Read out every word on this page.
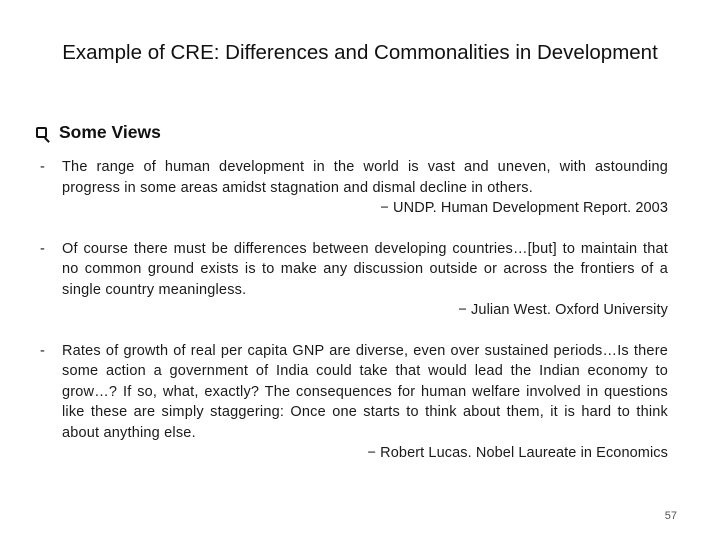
Example of CRE: Differences and Commonalities in Development
Some Views
- The range of human development in the world is vast and uneven, with astounding progress in some areas amidst stagnation and dismal decline in others.
− UNDP. Human Development Report. 2003
- Of course there must be differences between developing countries…[but] to maintain that no common ground exists is to make any discussion outside or across the frontiers of a single country meaningless.
− Julian West. Oxford University
- Rates of growth of real per capita GNP are diverse, even over sustained periods…Is there some action a government of India could take that would lead the Indian economy to grow…? If so, what, exactly? The consequences for human welfare involved in questions like these are simply staggering: Once one starts to think about them, it is hard to think about anything else.
− Robert Lucas. Nobel Laureate in Economics
57
